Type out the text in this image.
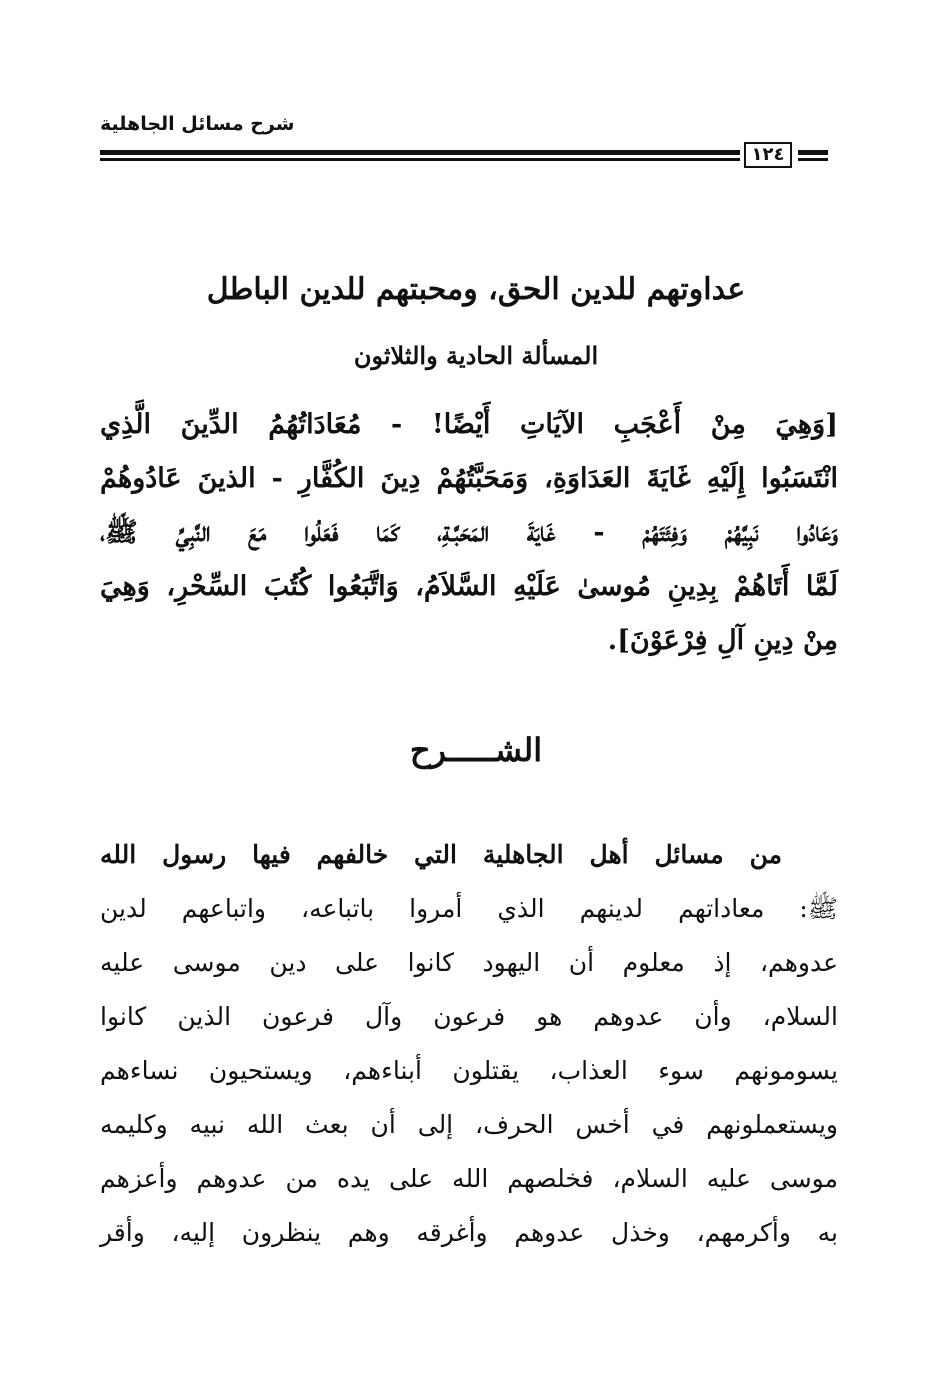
شرح مسائل الجاهلية
١٢٤
عداوتهم للدين الحق، ومحبتهم للدين الباطل
المسألة الحادية والثلاثون
[وَهِيَ مِنْ أَعْجَبِ الآيَاتِ أَيْضًا! - مُعَادَاتُهُمُ الدِّينَ الَّذِي
انْتَسَبُوا إِلَيْهِ غَايَةَ العَدَاوَةِ، وَمَحَبَّتُهُمْ دِينَ الكُفَّارِ - الذينَ عَادُوهُمْ
وَعَادُوا نَبِيَّهُمْ وَفِئَتَهُمْ - غَايَةَ المَحَبَّـةِ، كَمَا فَعَلُوا مَعَ النَّبِيِّ ﷺ،
لَمَّا أَتَاهُمْ بِدِينِ مُوسىٰ عَلَيْهِ السَّلاَمُ، وَاتَّبَعُوا كُتُبَ السِّحْرِ، وَهِيَ
مِنْ دِينِ آلِ فِرْعَوْنَ].
الشـــــرح
من مسائل أهل الجاهلية التي خالفهم فيها رسول الله
ﷺ: معاداتهم لدينهم الذي أمروا باتباعه، واتباعهم لدين
عدوهم، إذ معلوم أن اليهود كانوا على دين موسى عليه
السلام، وأن عدوهم هو فرعون وآل فرعون الذين كانوا
يسومونهم سوء العذاب، يقتلون أبناءهم، ويستحيون نساءهم
ويستعملونهم في أخس الحرف، إلى أن بعث الله نبيه وكليمه
موسى عليه السلام، فخلصهم الله على يده من عدوهم وأعزهم
به وأكرمهم، وخذل عدوهم وأغرقه وهم ينظرون إليه، وأقر
